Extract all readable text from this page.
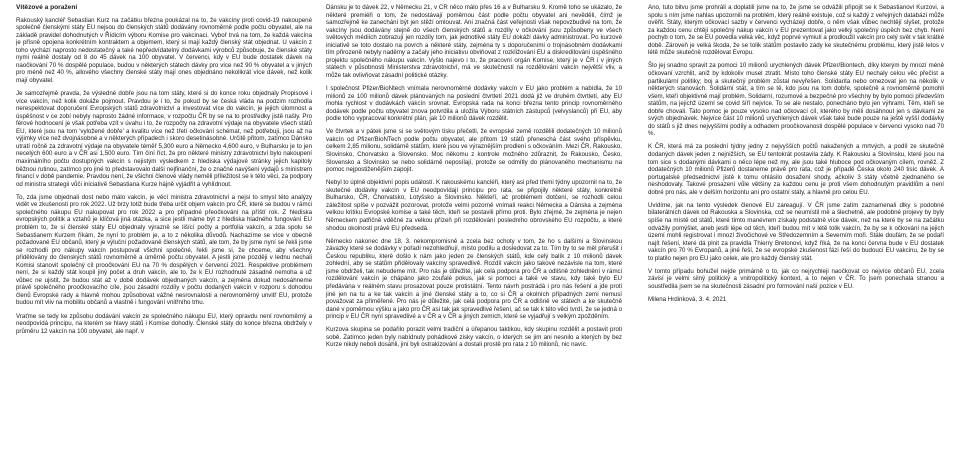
Vítězové a poražení

Rakouský kancléř Sebastian Kurz na začátku března poukázal na to, že vakcíny proti covid-19 nakoupené společně členskými státy EU nejsou do členských států dodávány rovnoměrně podle počtu obyvatel, ale na základě pravidel dohodnutých v Řídicím výboru Komise pro vakcinaci. Vyboř trvá na tom, že každá vakcína je přísně opojena konkrétním kontraktem a objemem, který si mají každý členský stát objednat. U vakcín z toho vychází naprosto nedostatečný a také nepředvídatelný dodávkami výrobců způsobuje, že členské státy nymi reálně dostaly od 8 do 45 dávek na 100 obyvatel. V červenci, kdy v EU bude dostatek dávek na naočkování 70 % dospělé populace, budou v některých státech dávky pro více než 90 % obyvatel a v jiných pro méně než 40 %, allového všechny členské státy mají ones objednáno nekolikrát více dávek, než kolik mají obyvatel.

Je samozřejmě pravda, že výsledné dobře jsou na tom státy, které si do konce roku objednaly Propisové i více vakcín, než kolik dokáže pojmout. Pravdou je i to, že pokud by se česká vláda na podzim rozhodla nerespektovat doporučení Evropských států zdravotnictví a investovat více do vakcín, je jejich úlomnost a úspěšnost v ce zobí nebyly naprosto žádné informace, v rozpočtu ČR by se na to prostředky jistě našly. Pro férové hodnocení je však potřeba vzít v úvahu i to, že rozpočty na zdravotní výdaje na obyvatele všech států EU, které jsou na tom 'vyložené dobře' a kvalitu více než třetí očkování schémat, než potřebuji, jsou až na výjimky více než dvojnásobné a v některých případech i skoro desetinásobné. Určitě přitom, zatímco Dánsko utratí ročně za zdravotní výdaje na obyvatele téměř 5,300 euro a Německo 4,600 euro, v Bulharsku je to jen necelých 600 euro a v ČR asi 1,500 euro. Tím činí říct, že pro některé ministry zdravotnictví bylo nakoupení maximálního počtu dostupných vakcín s nejistým výsledkem z hlediska výdajové stránky jejich kapitoly běžnou rutinou, zatímco pro jiné to představovalo další nejfinanční, že o značné navýšení výdajů s ministrem financí v době pandemie. Pravdou není, že všichni členové vlády neměli příležitost se k této věci, za podpory od ministra strategii vůči iniciativě Sebastiana Kurze hájně vyjádřit a vyhlídnout.

To, zda jsme objednali dost nebo málo vakcín, je věcí ministra zdravotnictví a nejsi to smysl této analýzy vidět ve zkušenosti pro rok 2022. Už brzy totiž bude třeba určit objem vakcín pro ČR, které se budou v rámci společného nákupu EU nakupovat pro rok 2022 a pro případné přeočkování na příští rok. Z hlediska evropských politik a vztahů je klíčová jiná otázka, a sice jestli máme být z hlediska hladného fungování EU problém to, že si členské státy EU objednaly výrazně se lišící počty a portfolia vakcín, a zda spolu se Sebastianem Kurzem říkám, že nyní to problém je, a to z několika důvodů. Nachazíme se více v obecně požadované EU občanů, který je výluční požadovaně členských států, ale tom, že by jsme nyní se řekli jsme se rozhodli pro nákupy vakcín postupovat všichni společné, řekli jsme si, že chceme, aby všechny přidělovány do členských států rovnoměrně a úměrně počtu obyvatel. A jestli jsme později v lednu nechali Komisi stanovit společný cíl proočkování EU na 70 % dospělých v červenci 2021. Respektive problémem není, že si každý stát koupil jiný počet a druh vakcín, ale to, že k EU rozhodnuté zásadně nemoha a už vůbec ne ujistit, že budou stát až v době dodávek objednaných vakcín, a zejména dokud nedosáhneme právě společného proočkovacího cíle, jsou zásadní rozdíly v počtu dodaných vakcín v rozporu s dohodou členů Evropské rady a hlavně mohou způsobovat vážné nesrovnalosti a nerovnoměrný unvitř EU, protože budou mít vliv na mobilitu občanů a vlastně i fungování vnitřního trhu.

Vraťme se tedy ke způsobu dodávání vakcín ze společného nákupu EU, který opravdu není rovnoměrný a neodpovídá principu, na kterém se hlavy států i Komise dohodly. Členské státy do konce března obdržely v průměru 12 vakcín na 100 obyvatel, ale např. v

Dánsku je to dávek 22, v Německu 21, v ČR něco málo přes 16 a v Bulharsku 9. Kromě toho se ukázalo, že některé premiéři o tom, že nedostávají poměrnou část podle počtu obyvatel ani nevěděli, čímž je samozřejmě ke zanechání být jen stěží omlouvat. Ani značná část veřejnosti však nepovzbudivé na tom, že vakcíny jsou dodávány stejně do všech členských států a rozdíly v očkování jsou způsobeny ve všech světových médiích zobrazují jen rozdíly tom, jak jednotlivé státy EU dokáží dávky administrovat. Po kurzové iniciativě se toto dostalo na povrch a některé státy, zejména ty s doporučeními o trojnásobném dodávkami tím přirozeně nebyly naděmy a začaly jeho iniciativu obviňovat z rozkližování EU a diskreditování úspěšného projektu společného nákupu vakcín. Vyšlo najevo i to, že pracovní orgán Komise, který je v ČR i v jiných státech v působnosti Ministerstva zdravotnictví, má ve skutečnosti na rozdělování vakcín největší vliv, a může tak ovlivňovat zásadní politické otázky.

I společnost Pfizer/BioNtech vnímala nerovnoměrné dodávky vakcín v EU jako problém a nabídla, že 10 milionů ze 100 milionů dávek plánovaných na poslední čtvrtletí 2021 dodá již ve druhém čtvrtletí, aby EU mohla rychlost v dodávkách vakcín srovnat. Evropská rada na konci března tento princip rovnoměrného dodávek podle počtu obyvatel znova potvrdila a uložila Výboru státních zástupců (velvyslanců) při EU, aby podle toho vypracoval konkrétní plán, jak 10 milionů dávek rozdělit.

Ve čtvrtek a v pátek jsme si se světovým tisku přečetli, že evropské země rozdělili dodatečných 10 milionů vakcín od Pfizer/BioNTech podle počtu obyvatel, ale přitom 19 států přeneschá část svého příspěvku, celkem 2,85 milionu, solidárně státům, které jsou ve výraznějším prodlení s očkováním. Mezi ČR, Rakousko, Slovinsko, Chorvatsko a Slovensko. Moc někomu z kontrole možného zdůraznit, že Rakousko, Česko, Slovensko a Slovinsko se nebo solidárně neposílají, protože se odmítly do plánovaného mechanismu na pomoc nejpostiženějším zapojit.

Nebyl to úplně objektivní popis událostí. K rakouskému kancléři, který asi před třemi týdny upozornil na to, že skutečné dodávky vakcín v EU neodpovídají principu pro rata, se připojily některé státy, konkrétně Bulharsko, ČR, Chorvatsko, Lotyšsko a Slovinsko. Někteří, ač problémem dotčení, se rozhodli celou záležitost spíše v pozvážit pozorovat, protože velmi pozorně vnímali reakci Německa a Dánska a zejména velkou kritiku Evropské komise a také těch, kteří se postavili přímo proti. Bylo zřejmé, že zejména je nejen Německem patřičně vděčné za velkou přízeň při rozdělování posledního obrovského EU rozpočtu, a které shodou okolností právě EU předsedá.

Německo nakonec dne 18. 3. nekompromisně a zcela bez ochoty v tom, že ho s dalšími a Slovinskou závazky které se dodávky v pořadí nezohledňují, místo podílu a dosledovat za to. Tím by to se měl přerušit i Českou republiku, které došlo k nám jako jeden ze členských států, kde celý balík z 10 milionů dávek zohlední, aby se státům přidělovaly vakcíny spravedlivě. Rozdíl vakcín jako takové nezávisle na tom, které jsme obdrželi, tak nebudeme mít. Pro nás je důležité, jak celá podpora pro ČR a odlišně zohlednění v rámci rozdělování vakcín je chápáno jako zoufalé pokus, jak si pomoci a také ve stavu, kdy také bylo EU předávána v reálném stavu prosazovat pouze protistátní. Tento návrh postrádá i pro nás řešení a jde proti jiné jen na tu a ke tak vakcín a jiné členské státy a to, co si ČR a okolních případných zemí nemusí považovat za přiměřené. Pro nás je důležité, jak celá podpora pro ČR a odlišně ve státech a ke skutečně dané v poměrnou výšku a jako pro ČR asi tak jak spravedlivé řešení, ač se tak k této věci tvrdí, že se jedná o princip v EU ČR nyní spravedlivé a v ČR a v ČR a jiných zemích, které se vyjadřují s velkým zpožděním.

Kurzova skupina se podařilo porazit velmi tradiční a úřepanou taktikou, kdy skupinu rozdělit a postavit proti sobě. Zatímco jeden byly nabídnuty pohádkové zisky vakcín, o kterých se jim ani nesnilo a kterých by bez Kurze nikdy neboli dosáhli, jiní byli ostrakizování a dostali prostě pro rata z 10 milionů, nic navíc.

Ano, tuto bitvu jsme prohráli a doplatili jsme na to, že jsme se odvážili připojit se k Sebastianovi Kurzovi, a spolu s ním jsme nahlas upozornili na problém, který reálně existuje, což si každý z veřejných databází může ověřit. Státy, kterým očkovací sazby v červenci vycházejí dobře, o něm však vůbec nechtějí slyšet, protože za každou cenu chtějí společný nákup vakcín v EU prezentovat jako velký společný úspěch bez chyb. Není pochyb o tom, že se EU povedla velká věc, když poprvé vymiulí a prodloužil vakcín pro celý svět v tak krátké době. Zároveň je velká škoda, že se tolik státům postavilo zády ke skutečnému problému, který jistě letos v létě může skutečně rozdělovat Evropu.

Šlo jej snadno spravit za pomoci 10 milionů urychlených dávek Pfizer/Biontech, díky kterým by mnozí méně očkovaní vzrchlit, aniž by kdokoliv musel ztratit. Místo toho členské státy EU nechaly celou věc přečíst a partikulární politiky; boj a skutečný problém zůstal nevyřešen. Solidarita nebo omezovat jen na několik v některých stanovách. Solidární stát, a tím se tě, kdo jsou na tom dobře, společně a rovnoměrně pomohli všem, kteří objektivně mají problém. Solidarní, rozumové a bezpečné pro všechny by bylo pomoci především státům, na jejichž území se covid šíří nejvíce. To se ale nestalo, ponecháno bylo jen výhrami. Těm, kteří se dobře chovali. Tato pomoc je pouze vysoko nad očkovací cíl, kterého by měli dosáhnout jen s dávkami ze svých objednávek. Nejvíce část 10 milionů urychlených dávek však také bude pouze na ještě vyšší dodávky do států s již dnes nejvyššími podíly a odhadem proočkovanosti dospělé populace v červenci vysoko nad 70 %.

K ČR, která má za poslední týdny jedny z nejvyšších počtů nakažených a mrtvých, a podíl ze skutečně dodaných dávek jeden z nejnižších, se EU tentokrát postavila zády. K Rakousku a Slovinsku, které jsou na tom sice s dodanými dávkami o něco lépe než my, ale jsou také hluboce pod očkovaným cílem, rovněž. Z dodatečných 10 milionů Pfizerů dostaneme právě pro rata, což je případě Česka okolo 240 tisíc dávek. A portugalské předsednictví jistě k tomu ohlásilo dosažení shody, ačkoliv 3 státy včetně zjednaného se neshodovaly. Takové prosazení vůle většiny za každou cenu je proti všem dohodnutým pravidlům a není dobré pro nás, ale v delším horizontu ani pro ostatní státy, a hlavně pro celou EU.

Uvidíme, jak na tento výsledek členové EU zareagují. V ČR jsme zatím zaznamenali dlky s podobné bilaterálních dávek od Rakouska a Slovinska, což se neumístil mě a šlechetně, ale podobné projevy by byly spíše na místě od států, které tímto manévrem získaly podstatně více dávek, než na které by se na začátku odvážily pomýšlet, aneb jestli lépe od těch, kteří budou mít v létě tolik vakcín, že by se k očkování na jejich území mohli registrovat i mnozí živočichové ve Středozemním a Severním moři. Stále doufám, že se podaří najít řešení, které dá plnit za pravidla Thierry Bretonovi, když říká, že na konci června bude v EU dostatek vakcín pro 70 % Evropanů, a jiné řeší, že se evropské zkušenost fázi řeší do budoucí EU vakcinu, že by se to platilo nejen pro EU jako celek, ale pro každý členský stát.

V tomto případu bohužel nejde primárně o to, jak co nejrychleji naočkovat co nejvíce občanů EU, zcela závisí je velmi silný politický a vnitropolitický kontext, a to nejen v ČR. To jsem ponechala stranou a soustředila jsem se na skutečnosti zásadní pro formování naší pozice v EU.

Milena Hrdinková, 3. 4. 2021
